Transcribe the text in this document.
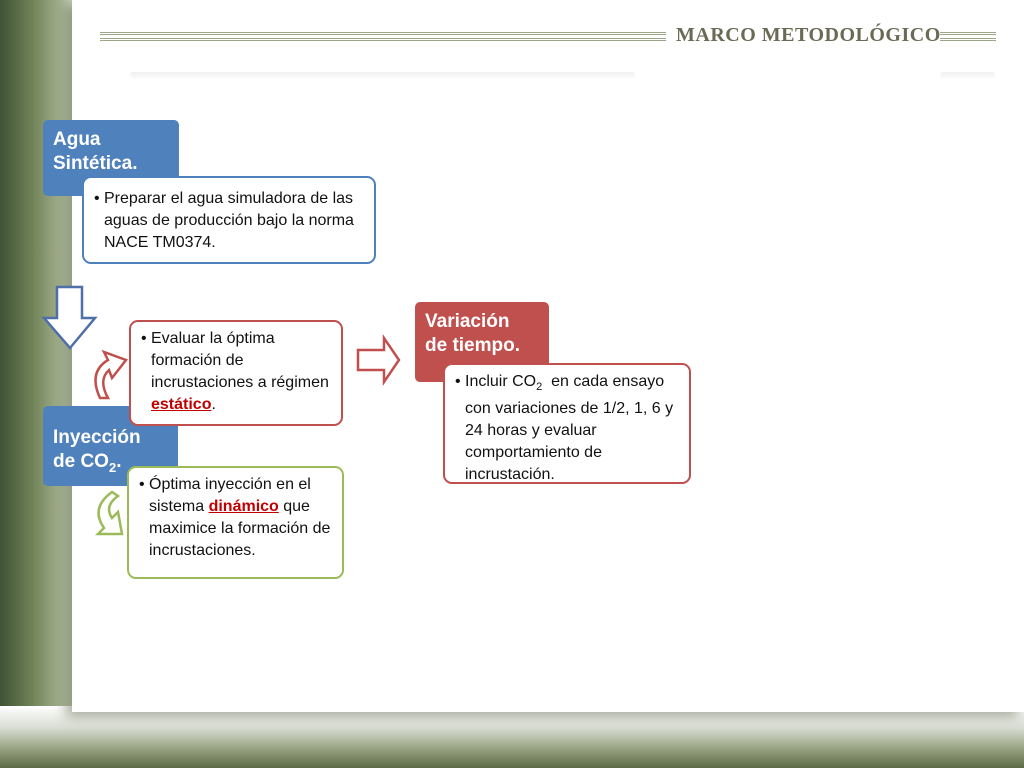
MARCO METODOLÓGICO
Agua
Sintética.
• Preparar el agua simuladora de las aguas de producción bajo la norma NACE TM0374.
Inyección
de $CO_2$.
• Evaluar la óptima formación de incrustaciones a régimen estático.
• Óptima inyección en el sistema dinámico que maximice la formación de incrustaciones.
Variación
de tiempo.
• Incluir $CO_2$  en cada ensayo con variaciones de 1/2, 1, 6 y 24 horas y evaluar comportamiento de incrustación.
